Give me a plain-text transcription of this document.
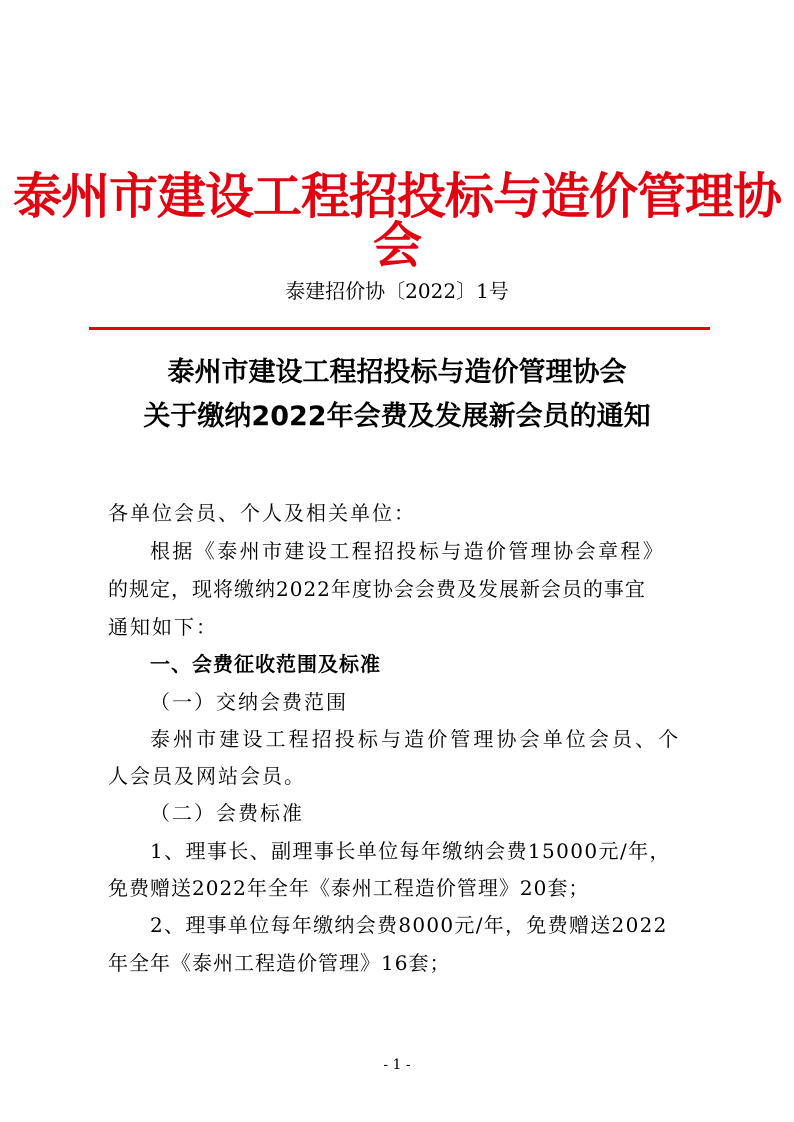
泰州市建设工程招投标与造价管理协会
泰建招价协〔2022〕1号
泰州市建设工程招投标与造价管理协会
关于缴纳2022年会费及发展新会员的通知
各单位会员、个人及相关单位：
根据《泰州市建设工程招投标与造价管理协会章程》
的规定，现将缴纳2022年度协会会费及发展新会员的事宜
通知如下：
一、会费征收范围及标准
（一）交纳会费范围
泰州市建设工程招投标与造价管理协会单位会员、个
人会员及网站会员。
（二）会费标准
1、理事长、副理事长单位每年缴纳会费15000元/年，
免费赠送2022年全年《泰州工程造价管理》20套；
2、理事单位每年缴纳会费8000元/年，免费赠送2022
年全年《泰州工程造价管理》16套；
- 1 -
